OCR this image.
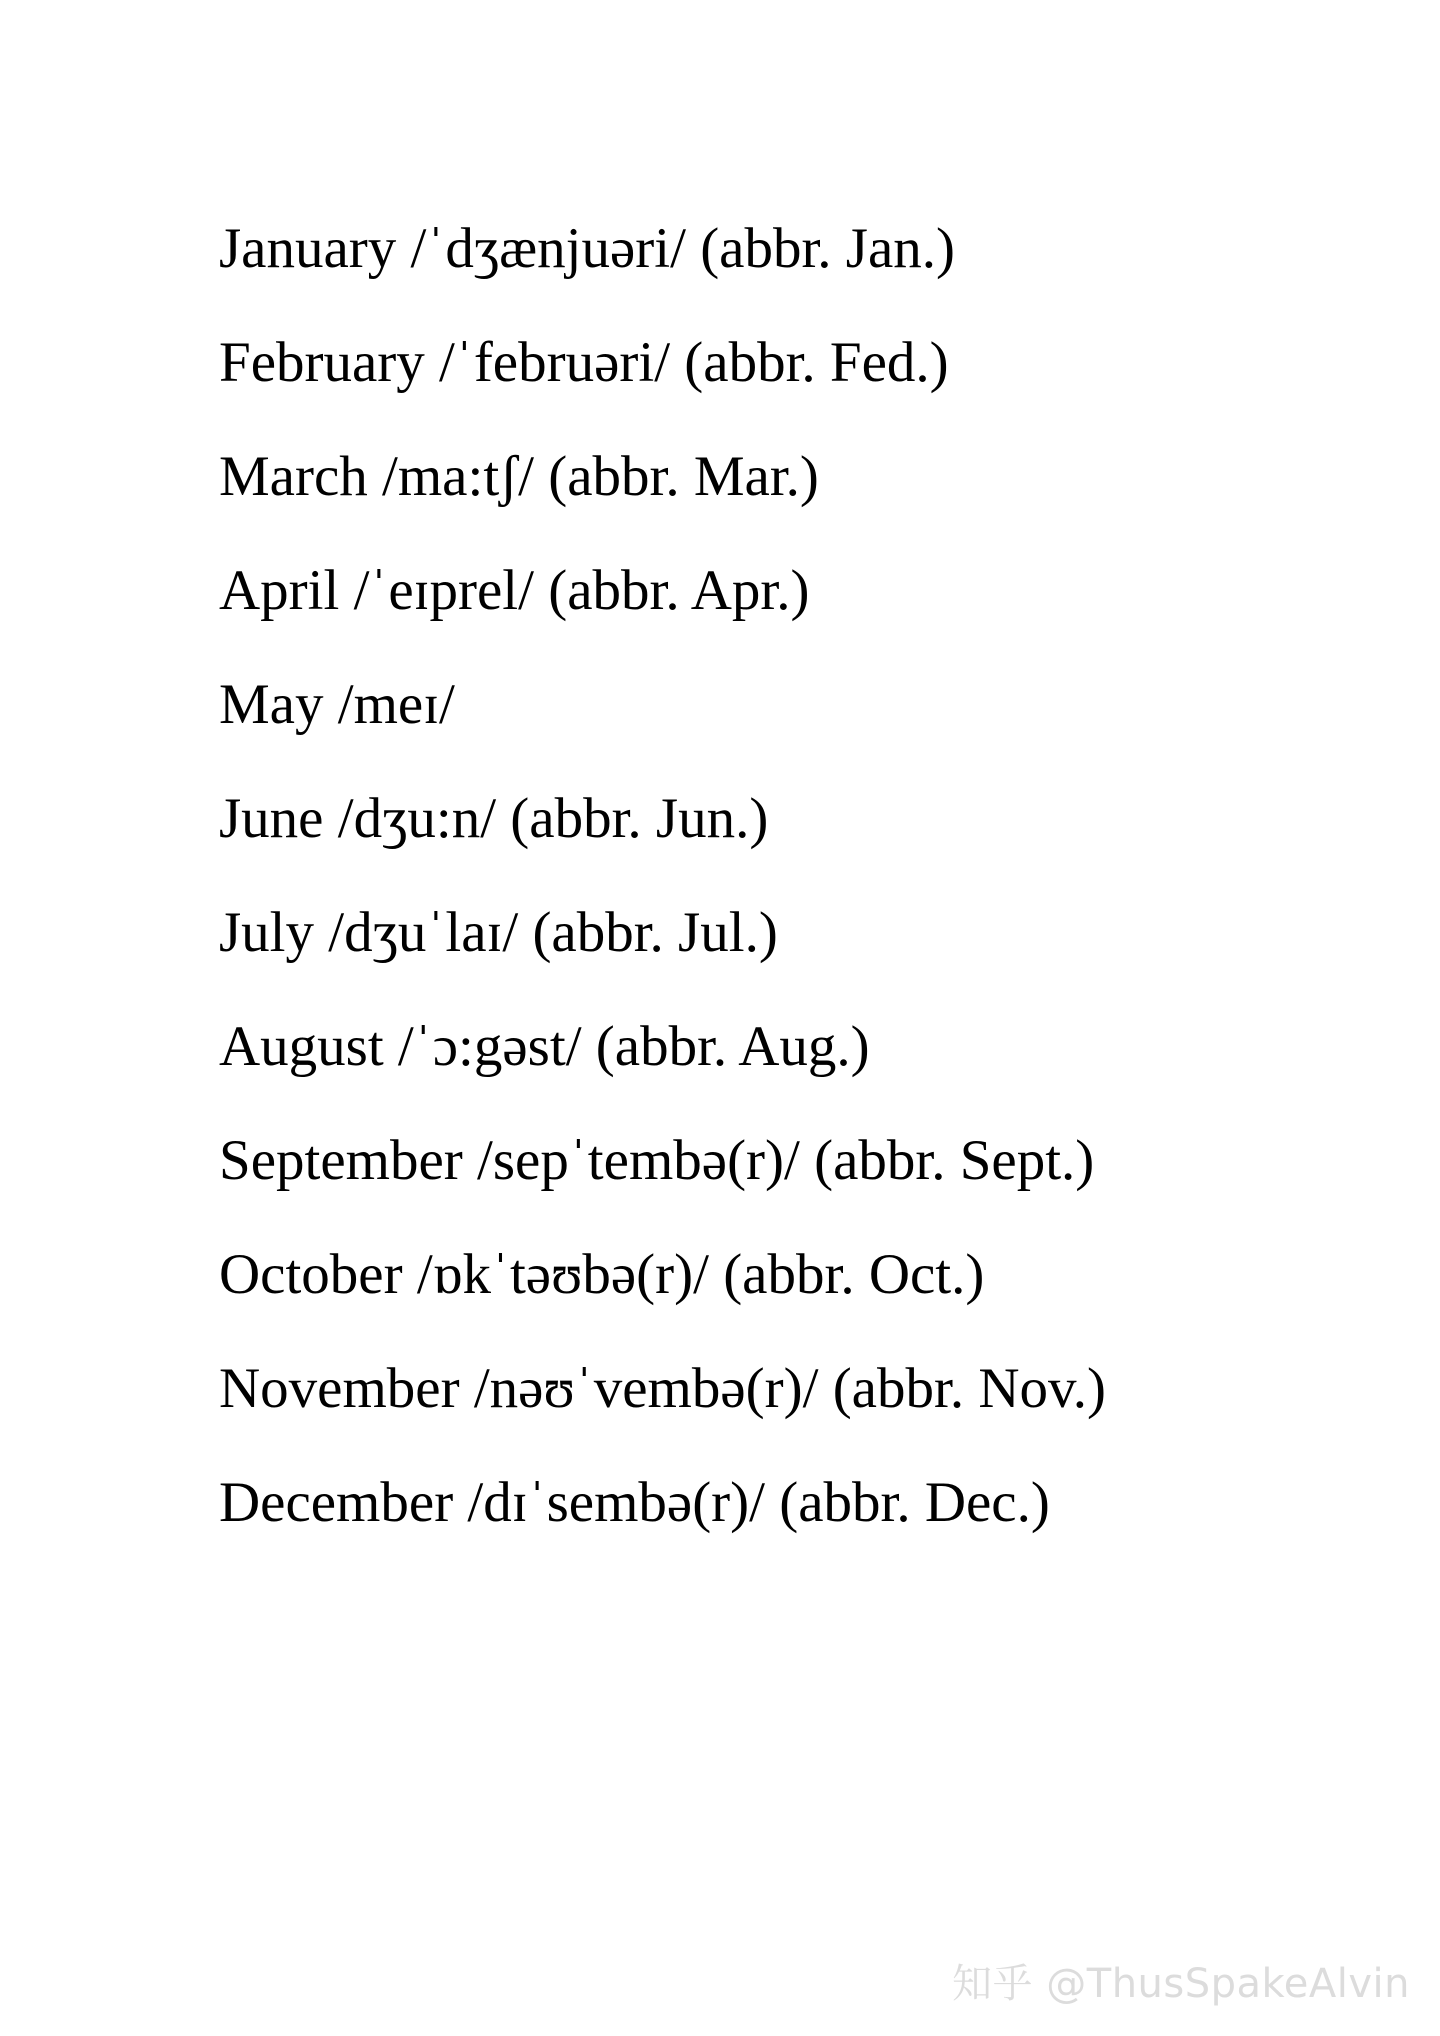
January /ˈdʒænjuəri/ (abbr. Jan.)
February /ˈfebruəri/ (abbr. Fed.)
March /ma:tʃ/ (abbr. Mar.)
April /ˈeɪprel/ (abbr. Apr.)
May /meɪ/
June /dʒu:n/ (abbr. Jun.)
July /dʒuˈlaɪ/ (abbr. Jul.)
August /ˈɔ:gəst/ (abbr. Aug.)
September /sepˈtembə(r)/ (abbr. Sept.)
October /ɒkˈtəʊbə(r)/ (abbr. Oct.)
November /nəʊˈvembə(r)/ (abbr. Nov.)
December /dɪˈsembə(r)/ (abbr. Dec.)
知乎 @ThusSpakeAlvin
